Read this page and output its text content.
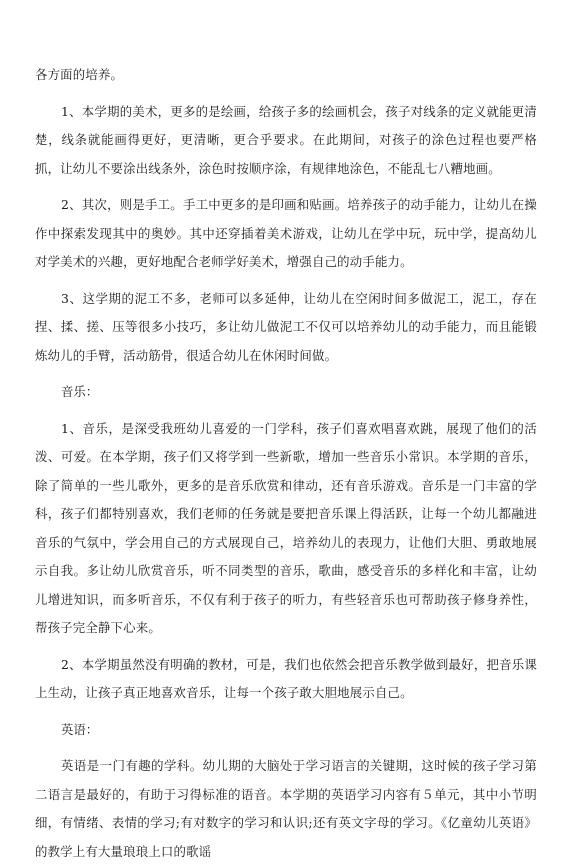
各方面的培养。

1、本学期的美术，更多的是绘画，给孩子多的绘画机会，孩子对线条的定义就能更清楚，线条就能画得更好，更清晰，更合乎要求。在此期间，对孩子的涂色过程也要严格抓，让幼儿不要涂出线条外，涂色时按顺序涂，有规律地涂色，不能乱七八糟地画。

2、其次，则是手工。手工中更多的是印画和贴画。培养孩子的动手能力，让幼儿在操作中探索发现其中的奥妙。其中还穿插着美术游戏，让幼儿在学中玩，玩中学，提高幼儿对学美术的兴趣，更好地配合老师学好美术，增强自己的动手能力。

3、这学期的泥工不多，老师可以多延伸，让幼儿在空闲时间多做泥工，泥工，存在捏、揉、搓、压等很多小技巧，多让幼儿做泥工不仅可以培养幼儿的动手能力，而且能锻炼幼儿的手臂，活动筋骨，很适合幼儿在休闲时间做。

音乐：

1、音乐，是深受我班幼儿喜爱的一门学科，孩子们喜欢唱喜欢跳，展现了他们的活泼、可爱。在本学期，孩子们又将学到一些新歌，增加一些音乐小常识。本学期的音乐，除了简单的一些儿歌外，更多的是音乐欣赏和律动，还有音乐游戏。音乐是一门丰富的学科，孩子们都特别喜欢，我们老师的任务就是要把音乐课上得活跃，让每一个幼儿都融进音乐的气氛中，学会用自己的方式展现自己，培养幼儿的表现力，让他们大胆、勇敢地展示自我。多让幼儿欣赏音乐，听不同类型的音乐，歌曲，感受音乐的多样化和丰富，让幼儿增进知识，而多听音乐，不仅有利于孩子的听力，有些轻音乐也可帮助孩子修身养性，帮孩子完全静下心来。

2、本学期虽然没有明确的教材，可是，我们也依然会把音乐教学做到最好，把音乐课上生动，让孩子真正地喜欢音乐，让每一个孩子敢大胆地展示自己。

英语：

英语是一门有趣的学科。幼儿期的大脑处于学习语言的关键期，这时候的孩子学习第二语言是最好的，有助于习得标准的语音。本学期的英语学习内容有５单元，其中小节明细，有情绪、表情的学习;有对数字的学习和认识;还有英文字母的学习。《亿童幼儿英语》的教学上有大量琅琅上口的歌谣
